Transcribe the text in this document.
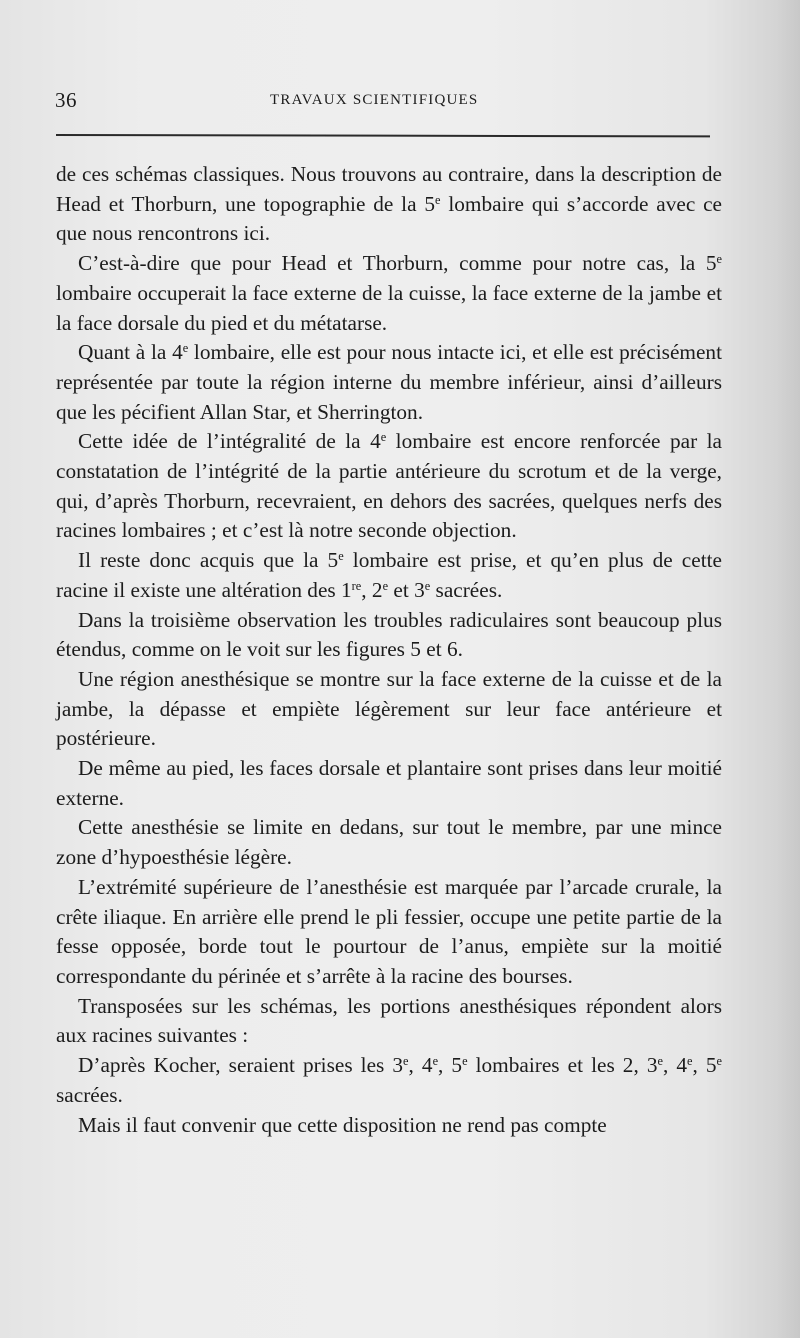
36	TRAVAUX SCIENTIFIQUES

de ces schémas classiques. Nous trouvons au contraire, dans la description de Head et Thorburn, une topographie de la 5e lombaire qui s’accorde avec ce que nous rencontrons ici.

C’est-à-dire que pour Head et Thorburn, comme pour notre cas, la 5e lombaire occuperait la face externe de la cuisse, la face externe de la jambe et la face dorsale du pied et du métatarse.

Quant à la 4e lombaire, elle est pour nous intacte ici, et elle est précisément représentée par toute la région interne du membre inférieur, ainsi d’ailleurs que les pécifient Allan Star, et Sherrington.

Cette idée de l’intégralité de la 4e lombaire est encore renforcée par la constatation de l’intégrité de la partie antérieure du scrotum et de la verge, qui, d’après Thorburn, recevraient, en dehors des sacrées, quelques nerfs des racines lombaires ; et c’est là notre seconde objection.

Il reste donc acquis que la 5e lombaire est prise, et qu’en plus de cette racine il existe une altération des 1re, 2e et 3e sacrées.

Dans la troisième observation les troubles radiculaires sont beaucoup plus étendus, comme on le voit sur les figures 5 et 6.

Une région anesthésique se montre sur la face externe de la cuisse et de la jambe, la dépasse et empiète légèrement sur leur face antérieure et postérieure.

De même au pied, les faces dorsale et plantaire sont prises dans leur moitié externe.

Cette anesthésie se limite en dedans, sur tout le membre, par une mince zone d’hypoesthésie légère.

L’extrémité supérieure de l’anesthésie est marquée par l’arcade crurale, la crête iliaque. En arrière elle prend le pli fessier, occupe une petite partie de la fesse opposée, borde tout le pourtour de l’anus, empiète sur la moitié correspondante du périnée et s’arrête à la racine des bourses.

Transposées sur les schémas, les portions anesthésiques répondent alors aux racines suivantes :

D’après Kocher, seraient prises les 3e, 4e, 5e lombaires et les 2, 3e, 4e, 5e sacrées.

Mais il faut convenir que cette disposition ne rend pas compte
